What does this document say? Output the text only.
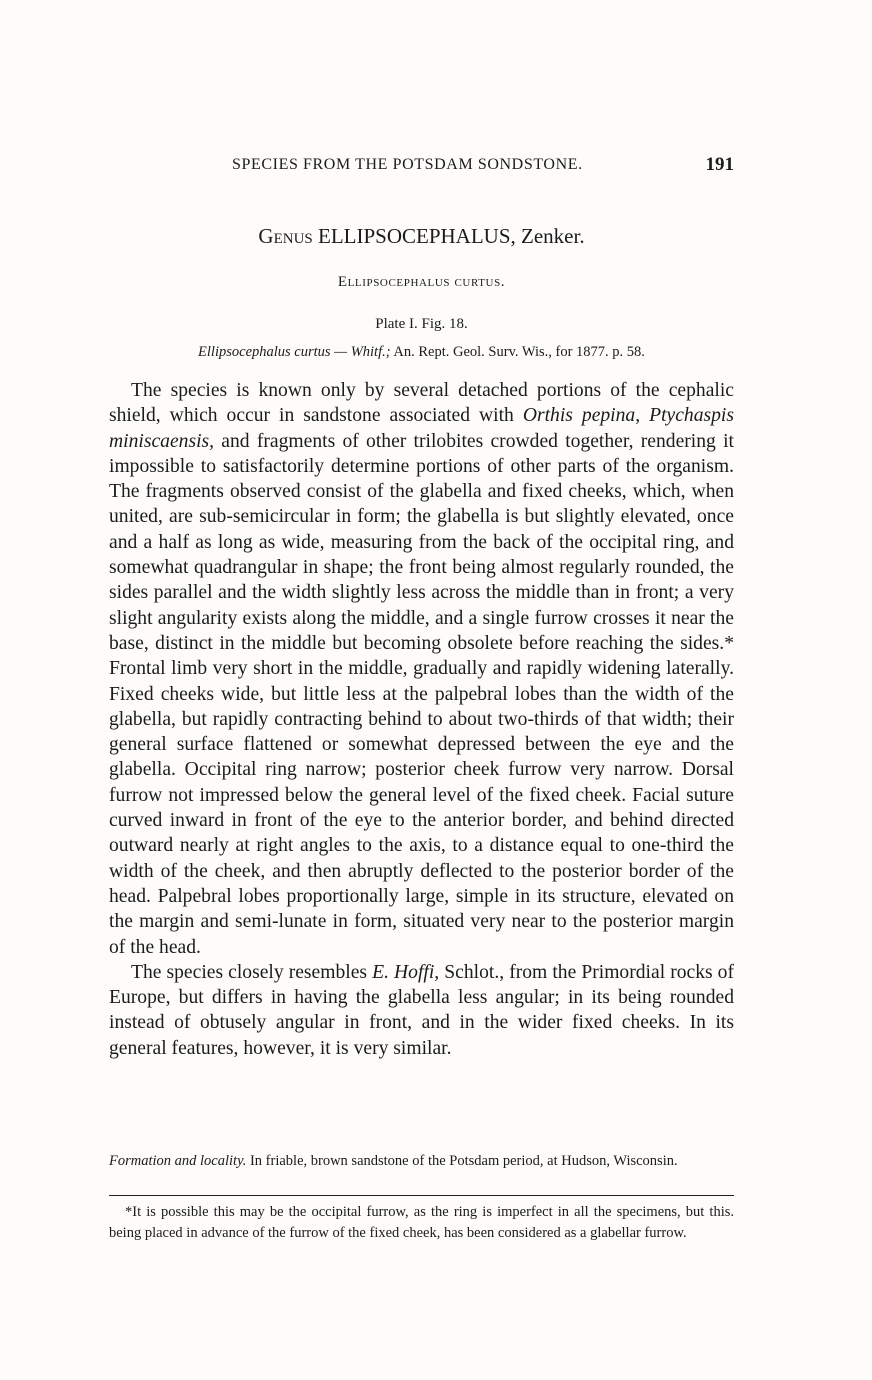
SPECIES FROM THE POTSDAM SONDSTONE.	191
Genus ELLIPSOCEPHALUS, Zenker.
Ellipsocephalus curtus.
Plate I. Fig. 18.
Ellipsocephalus curtus — Whitf.; An. Rept. Geol. Surv. Wis., for 1877. p. 58.

The species is known only by several detached portions of the cephalic shield, which occur in sandstone associated with Orthis pepina, Ptychaspis miniscaensis, and fragments of other trilobites crowded together, rendering it impossible to satisfactorily determine portions of other parts of the organism. The fragments observed consist of the glabella and fixed cheeks, which, when united, are sub-semicircular in form; the glabella is but slightly elevated, once and a half as long as wide, measuring from the back of the occipital ring, and somewhat quadrangular in shape; the front being almost regularly rounded, the sides parallel and the width slightly less across the middle than in front; a very slight angularity exists along the middle, and a single furrow crosses it near the base, distinct in the middle but becoming obsolete before reaching the sides.* Frontal limb very short in the middle, gradually and rapidly widening laterally. Fixed cheeks wide, but little less at the palpebral lobes than the width of the glabella, but rapidly contracting behind to about two-thirds of that width; their general surface flattened or somewhat depressed between the eye and the glabella. Occipital ring narrow; posterior cheek furrow very narrow. Dorsal furrow not impressed below the general level of the fixed cheek. Facial suture curved inward in front of the eye to the anterior border, and behind directed outward nearly at right angles to the axis, to a distance equal to one-third the width of the cheek, and then abruptly deflected to the posterior border of the head. Palpebral lobes proportionally large, simple in its structure, elevated on the margin and semi-lunate in form, situated very near to the posterior margin of the head.

The species closely resembles E. Hoffi, Schlot., from the Primordial rocks of Europe, but differs in having the glabella less angular; in its being rounded instead of obtusely angular in front, and in the wider fixed cheeks. In its general features, however, it is very similar.

Formation and locality. In friable, brown sandstone of the Potsdam period, at Hudson, Wisconsin.
*It is possible this may be the occipital furrow, as the ring is imperfect in all the specimens, but this. being placed in advance of the furrow of the fixed cheek, has been considered as a glabellar furrow.
